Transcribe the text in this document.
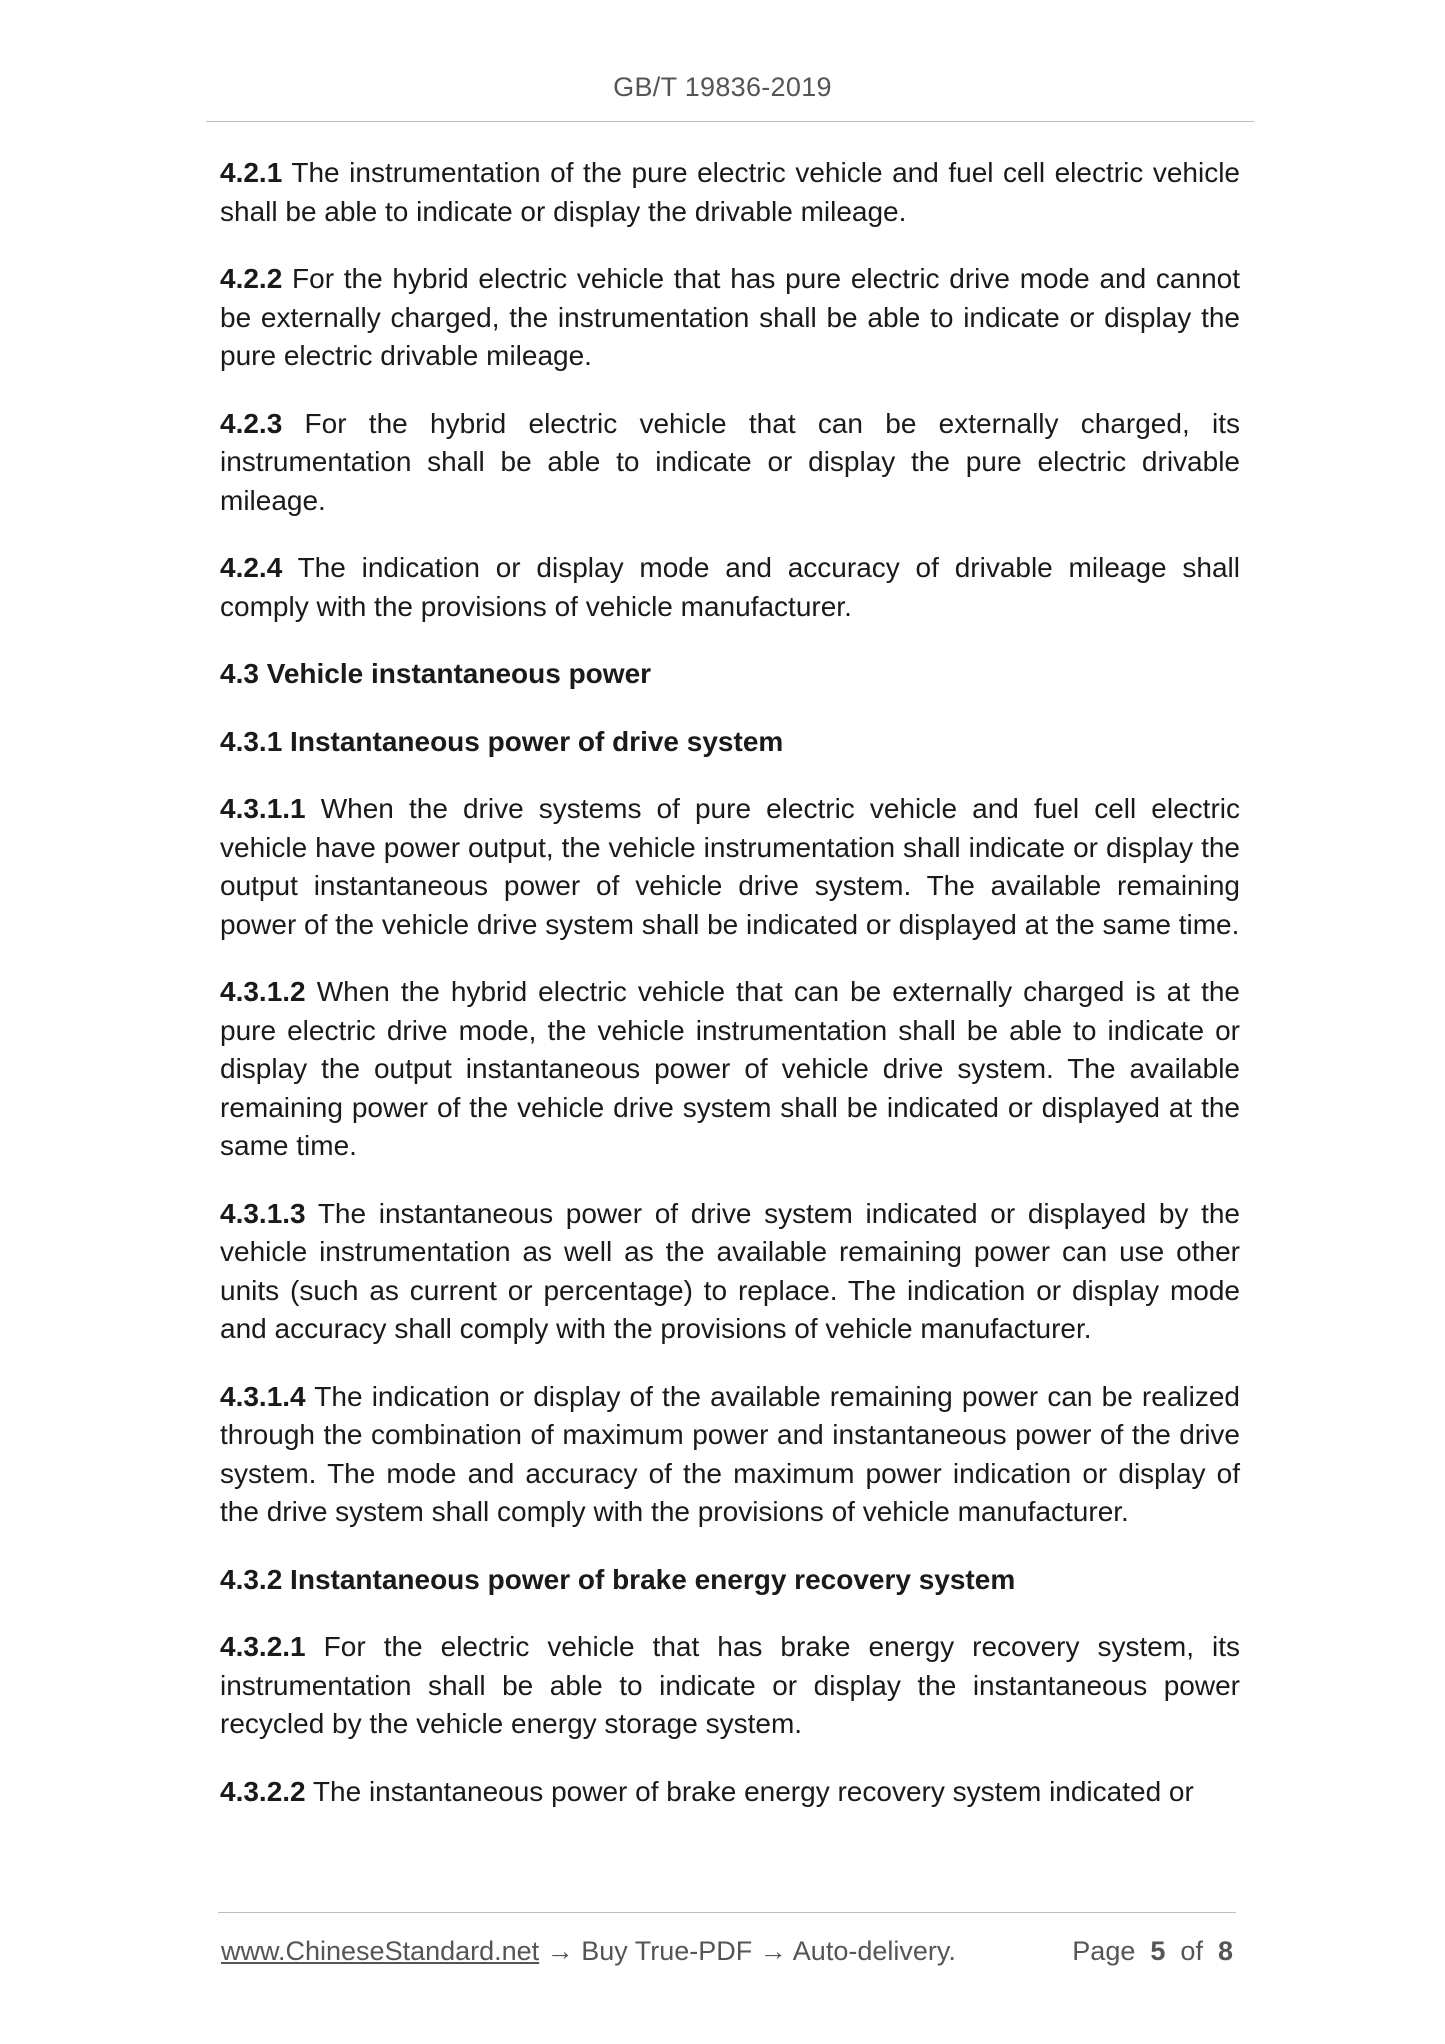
GB/T 19836-2019

4.2.1 The instrumentation of the pure electric vehicle and fuel cell electric vehicle shall be able to indicate or display the drivable mileage.

4.2.2 For the hybrid electric vehicle that has pure electric drive mode and cannot be externally charged, the instrumentation shall be able to indicate or display the pure electric drivable mileage.

4.2.3 For the hybrid electric vehicle that can be externally charged, its instrumentation shall be able to indicate or display the pure electric drivable mileage.

4.2.4 The indication or display mode and accuracy of drivable mileage shall comply with the provisions of vehicle manufacturer.

4.3 Vehicle instantaneous power

4.3.1 Instantaneous power of drive system

4.3.1.1 When the drive systems of pure electric vehicle and fuel cell electric vehicle have power output, the vehicle instrumentation shall indicate or display the output instantaneous power of vehicle drive system. The available remaining power of the vehicle drive system shall be indicated or displayed at the same time.

4.3.1.2 When the hybrid electric vehicle that can be externally charged is at the pure electric drive mode, the vehicle instrumentation shall be able to indicate or display the output instantaneous power of vehicle drive system. The available remaining power of the vehicle drive system shall be indicated or displayed at the same time.

4.3.1.3 The instantaneous power of drive system indicated or displayed by the vehicle instrumentation as well as the available remaining power can use other units (such as current or percentage) to replace. The indication or display mode and accuracy shall comply with the provisions of vehicle manufacturer.

4.3.1.4 The indication or display of the available remaining power can be realized through the combination of maximum power and instantaneous power of the drive system. The mode and accuracy of the maximum power indication or display of the drive system shall comply with the provisions of vehicle manufacturer.

4.3.2 Instantaneous power of brake energy recovery system

4.3.2.1 For the electric vehicle that has brake energy recovery system, its instrumentation shall be able to indicate or display the instantaneous power recycled by the vehicle energy storage system.

4.3.2.2 The instantaneous power of brake energy recovery system indicated or

www.ChineseStandard.net → Buy True-PDF → Auto-delivery.	Page 5 of 8
